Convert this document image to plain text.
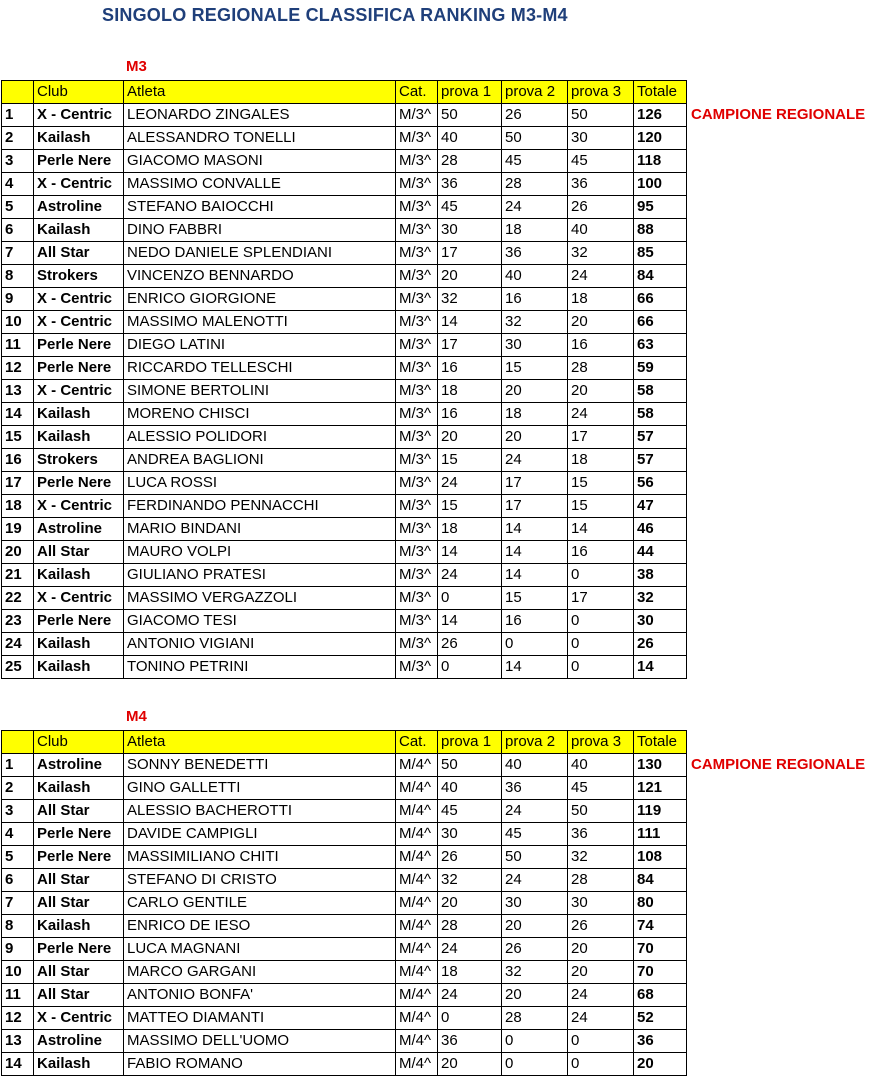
SINGOLO REGIONALE CLASSIFICA RANKING M3-M4
M3
	Club	Atleta	Cat.	prova 1	prova 2	prova 3	Totale
1	X - Centric	LEONARDO ZINGALES	M/3^	50	26	50	126
2	Kailash	ALESSANDRO TONELLI	M/3^	40	50	30	120
3	Perle Nere	GIACOMO MASONI	M/3^	28	45	45	118
4	X - Centric	MASSIMO CONVALLE	M/3^	36	28	36	100
5	Astroline	STEFANO BAIOCCHI	M/3^	45	24	26	95
6	Kailash	DINO FABBRI	M/3^	30	18	40	88
7	All Star	NEDO DANIELE SPLENDIANI	M/3^	17	36	32	85
8	Strokers	VINCENZO BENNARDO	M/3^	20	40	24	84
9	X - Centric	ENRICO GIORGIONE	M/3^	32	16	18	66
10	X - Centric	MASSIMO MALENOTTI	M/3^	14	32	20	66
11	Perle Nere	DIEGO LATINI	M/3^	17	30	16	63
12	Perle Nere	RICCARDO TELLESCHI	M/3^	16	15	28	59
13	X - Centric	SIMONE BERTOLINI	M/3^	18	20	20	58
14	Kailash	MORENO CHISCI	M/3^	16	18	24	58
15	Kailash	ALESSIO POLIDORI	M/3^	20	20	17	57
16	Strokers	ANDREA BAGLIONI	M/3^	15	24	18	57
17	Perle Nere	LUCA ROSSI	M/3^	24	17	15	56
18	X - Centric	FERDINANDO PENNACCHI	M/3^	15	17	15	47
19	Astroline	MARIO BINDANI	M/3^	18	14	14	46
20	All Star	MAURO VOLPI	M/3^	14	14	16	44
21	Kailash	GIULIANO PRATESI	M/3^	24	14	0	38
22	X - Centric	MASSIMO VERGAZZOLI	M/3^	0	15	17	32
23	Perle Nere	GIACOMO TESI	M/3^	14	16	0	30
24	Kailash	ANTONIO VIGIANI	M/3^	26	0	0	26
25	Kailash	TONINO PETRINI	M/3^	0	14	0	14
CAMPIONE REGIONALE
M4
	Club	Atleta	Cat.	prova 1	prova 2	prova 3	Totale
1	Astroline	SONNY BENEDETTI	M/4^	50	40	40	130
2	Kailash	GINO GALLETTI	M/4^	40	36	45	121
3	All Star	ALESSIO BACHEROTTI	M/4^	45	24	50	119
4	Perle Nere	DAVIDE CAMPIGLI	M/4^	30	45	36	111
5	Perle Nere	MASSIMILIANO CHITI	M/4^	26	50	32	108
6	All Star	STEFANO DI CRISTO	M/4^	32	24	28	84
7	All Star	CARLO GENTILE	M/4^	20	30	30	80
8	Kailash	ENRICO DE IESO	M/4^	28	20	26	74
9	Perle Nere	LUCA MAGNANI	M/4^	24	26	20	70
10	All Star	MARCO GARGANI	M/4^	18	32	20	70
11	All Star	ANTONIO BONFA'	M/4^	24	20	24	68
12	X - Centric	MATTEO DIAMANTI	M/4^	0	28	24	52
13	Astroline	MASSIMO DELL'UOMO	M/4^	36	0	0	36
14	Kailash	FABIO ROMANO	M/4^	20	0	0	20
CAMPIONE REGIONALE
